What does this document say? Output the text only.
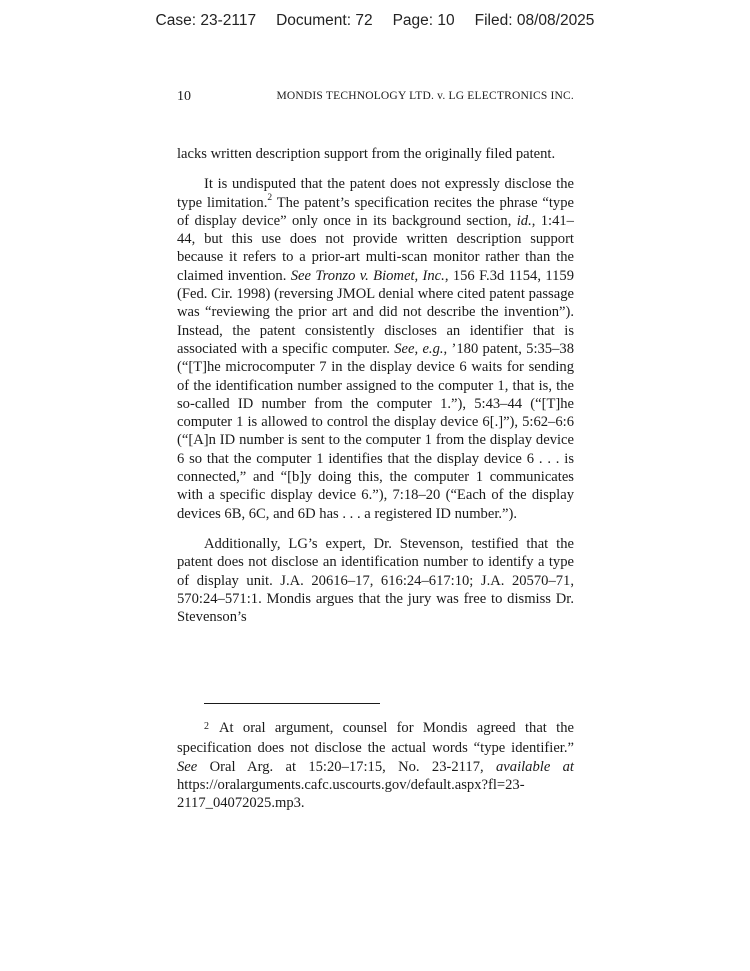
Case: 23-2117 Document: 72 Page: 10 Filed: 08/08/2025
10	MONDIS TECHNOLOGY LTD. v. LG ELECTRONICS INC.

lacks written description support from the originally filed patent.

It is undisputed that the patent does not expressly disclose the type limitation.$^2$ The patent’s specification recites the phrase “type of display device” only once in its background section, id., 1:41–44, but this use does not provide written description support because it refers to a prior-art multi-scan monitor rather than the claimed invention. See Tronzo v. Biomet, Inc., 156 F.3d 1154, 1159 (Fed. Cir. 1998) (reversing JMOL denial where cited patent passage was “reviewing the prior art and did not describe the invention”). Instead, the patent consistently discloses an identifier that is associated with a specific computer. See, e.g., ’180 patent, 5:35–38 (“[T]he microcomputer 7 in the display device 6 waits for sending of the identification number assigned to the computer 1, that is, the so-called ID number from the computer 1.”), 5:43–44 (“[T]he computer 1 is allowed to control the display device 6[.]”), 5:62–6:6 (“[A]n ID number is sent to the computer 1 from the display device 6 so that the computer 1 identifies that the display device 6 . . . is connected,” and “[b]y doing this, the computer 1 communicates with a specific display device 6.”), 7:18–20 (“Each of the display devices 6B, 6C, and 6D has . . . a registered ID number.”).

Additionally, LG’s expert, Dr. Stevenson, testified that the patent does not disclose an identification number to identify a type of display unit. J.A. 20616–17, 616:24–617:10; J.A. 20570–71, 570:24–571:1. Mondis argues that the jury was free to dismiss Dr. Stevenson’s

$^2$ At oral argument, counsel for Mondis agreed that the specification does not disclose the actual words “type identifier.” See Oral Arg. at 15:20–17:15, No. 23-2117, available at https://oralarguments.cafc.uscourts.gov/default.aspx?fl=23-2117_04072025.mp3.
